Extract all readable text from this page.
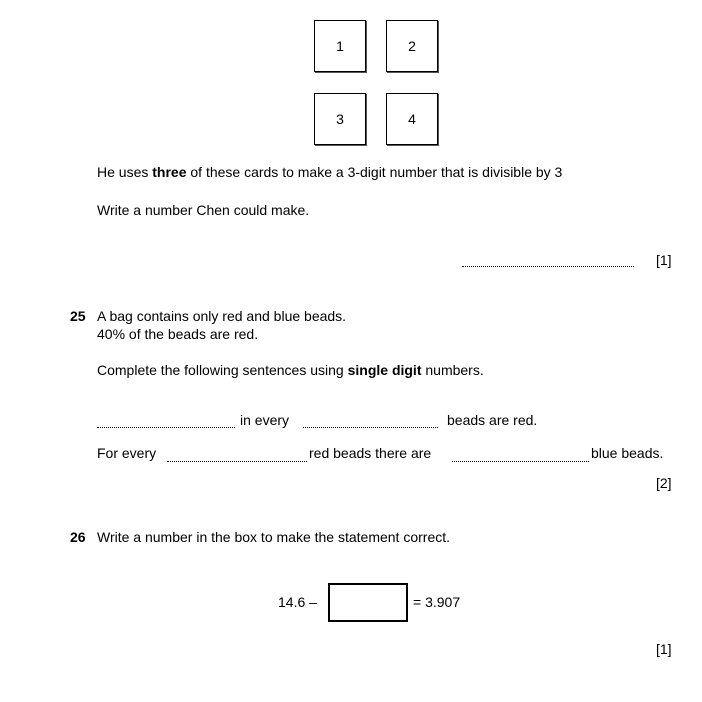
1	2
3	4
He uses three of these cards to make a 3-digit number that is divisible by 3
Write a number Chen could make.
[1]
25 A bag contains only red and blue beads.
40% of the beads are red.
Complete the following sentences using single digit numbers.
in every	beads are red.
For every	red beads there are	blue beads.
[2]
26 Write a number in the box to make the statement correct.
14.6 –	= 3.907
[1]
